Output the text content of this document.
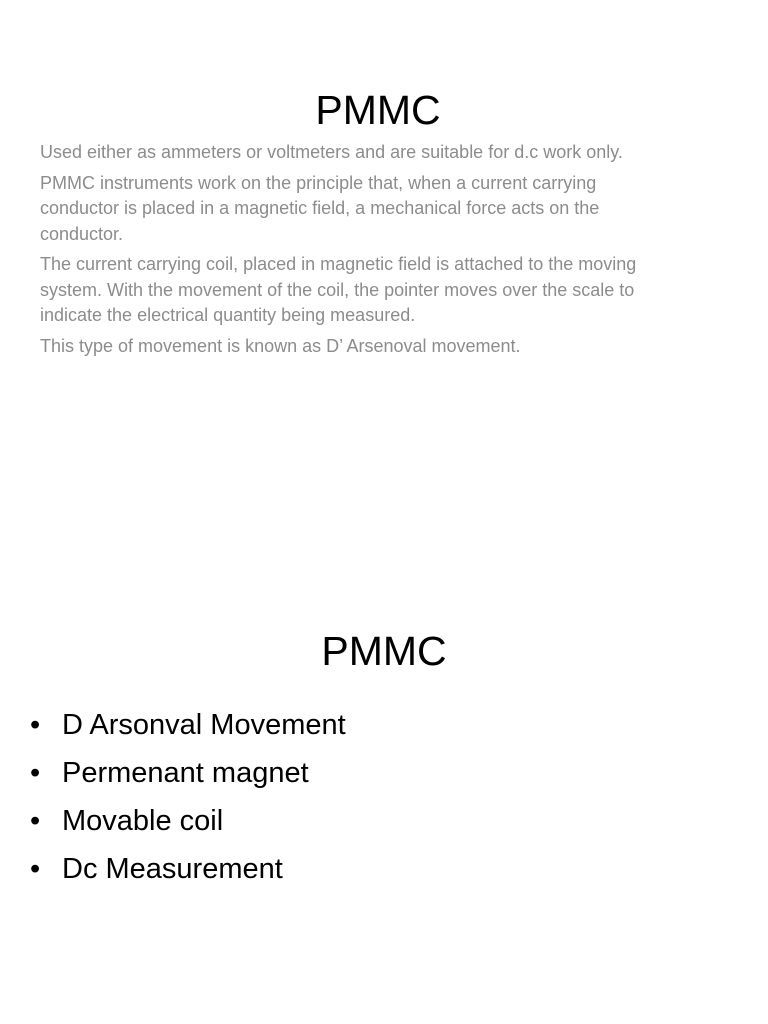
PMMC

Used either as ammeters or voltmeters and are suitable for d.c work only.

PMMC instruments work on the principle that, when a current carrying conductor is placed in a magnetic field, a mechanical force acts on the conductor.

The current carrying coil, placed in magnetic field is attached to the moving system. With the movement of the coil, the pointer moves over the scale to indicate the electrical quantity being measured.

This type of movement is known as D’ Arsenoval movement.

PMMC
• D Arsonval Movement
• Permenant magnet
• Movable coil
• Dc Measurement
